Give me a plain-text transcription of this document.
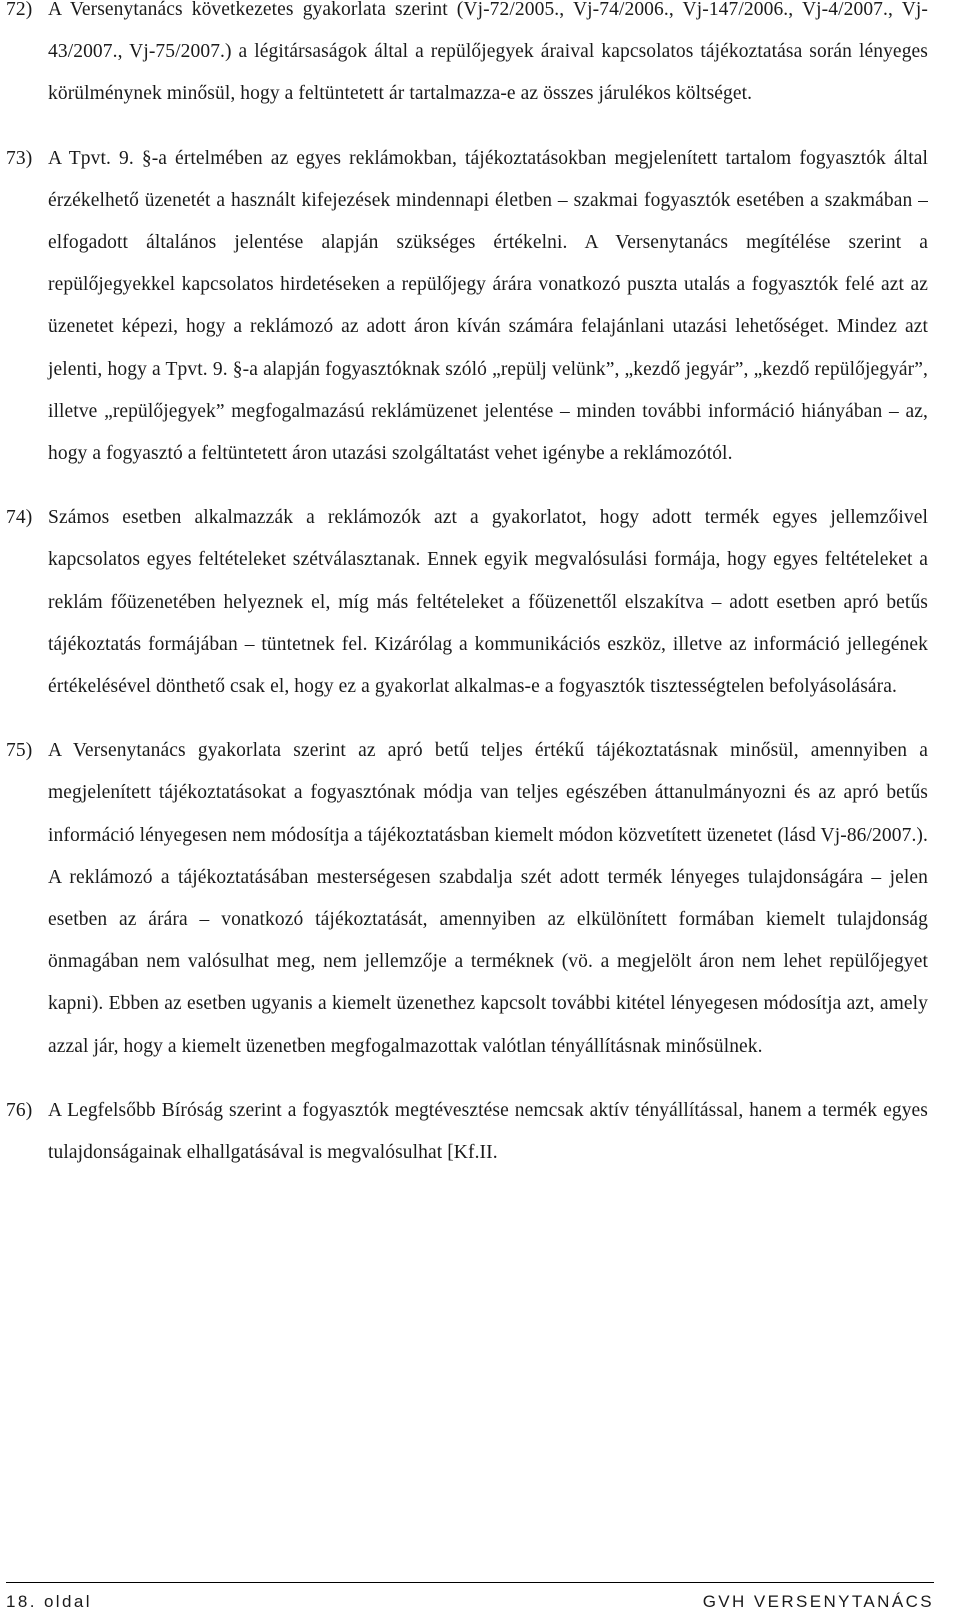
72) A Versenytanács következetes gyakorlata szerint (Vj-72/2005., Vj-74/2006., Vj-147/2006., Vj-4/2007., Vj-43/2007., Vj-75/2007.) a légitársaságok által a repülőjegyek áraival kapcsolatos tájékoztatása során lényeges körülménynek minősül, hogy a feltüntetett ár tartalmazza-e az összes járulékos költséget.
73) A Tpvt. 9. §-a értelmében az egyes reklámokban, tájékoztatásokban megjelenített tartalom fogyasztók által érzékelhető üzenetét a használt kifejezések mindennapi életben – szakmai fogyasztók esetében a szakmában – elfogadott általános jelentése alapján szükséges értékelni. A Versenytanács megítélése szerint a repülőjegyekkel kapcsolatos hirdetéseken a repülőjegy árára vonatkozó puszta utalás a fogyasztók felé azt az üzenetet képezi, hogy a reklámozó az adott áron kíván számára felajánlani utazási lehetőséget. Mindez azt jelenti, hogy a Tpvt. 9. §-a alapján fogyasztóknak szóló „repülj velünk”, „kezdő jegyár”, „kezdő repülőjegyár”, illetve „repülőjegyek” megfogalmazású reklámüzenet jelentése – minden további információ hiányában – az, hogy a fogyasztó a feltüntetett áron utazási szolgáltatást vehet igénybe a reklámozótól.
74) Számos esetben alkalmazzák a reklámozók azt a gyakorlatot, hogy adott termék egyes jellemzőivel kapcsolatos egyes feltételeket szétválasztanak. Ennek egyik megvalósulási formája, hogy egyes feltételeket a reklám főüzenetében helyeznek el, míg más feltételeket a főüzenettől elszakítva – adott esetben apró betűs tájékoztatás formájában – tüntetnek fel. Kizárólag a kommunikációs eszköz, illetve az információ jellegének értékelésével dönthető csak el, hogy ez a gyakorlat alkalmas-e a fogyasztók tisztességtelen befolyásolására.
75) A Versenytanács gyakorlata szerint az apró betű teljes értékű tájékoztatásnak minősül, amennyiben a megjelenített tájékoztatásokat a fogyasztónak módja van teljes egészében áttanulmányozni és az apró betűs információ lényegesen nem módosítja a tájékoztatásban kiemelt módon közvetített üzenetet (lásd Vj-86/2007.). A reklámozó a tájékoztatásában mesterségesen szabdalja szét adott termék lényeges tulajdonságára – jelen esetben az árára – vonatkozó tájékoztatását, amennyiben az elkülönített formában kiemelt tulajdonság önmagában nem valósulhat meg, nem jellemzője a terméknek (vö. a megjelölt áron nem lehet repülőjegyet kapni). Ebben az esetben ugyanis a kiemelt üzenethez kapcsolt további kitétel lényegesen módosítja azt, amely azzal jár, hogy a kiemelt üzenetben megfogalmazottak valótlan tényállításnak minősülnek.
76) A Legfelsőbb Bíróság szerint a fogyasztók megtévesztése nemcsak aktív tényállítással, hanem a termék egyes tulajdonságainak elhallgatásával is megvalósulhat [Kf.II.
18. oldal	GVH VERSENYTANÁCS
